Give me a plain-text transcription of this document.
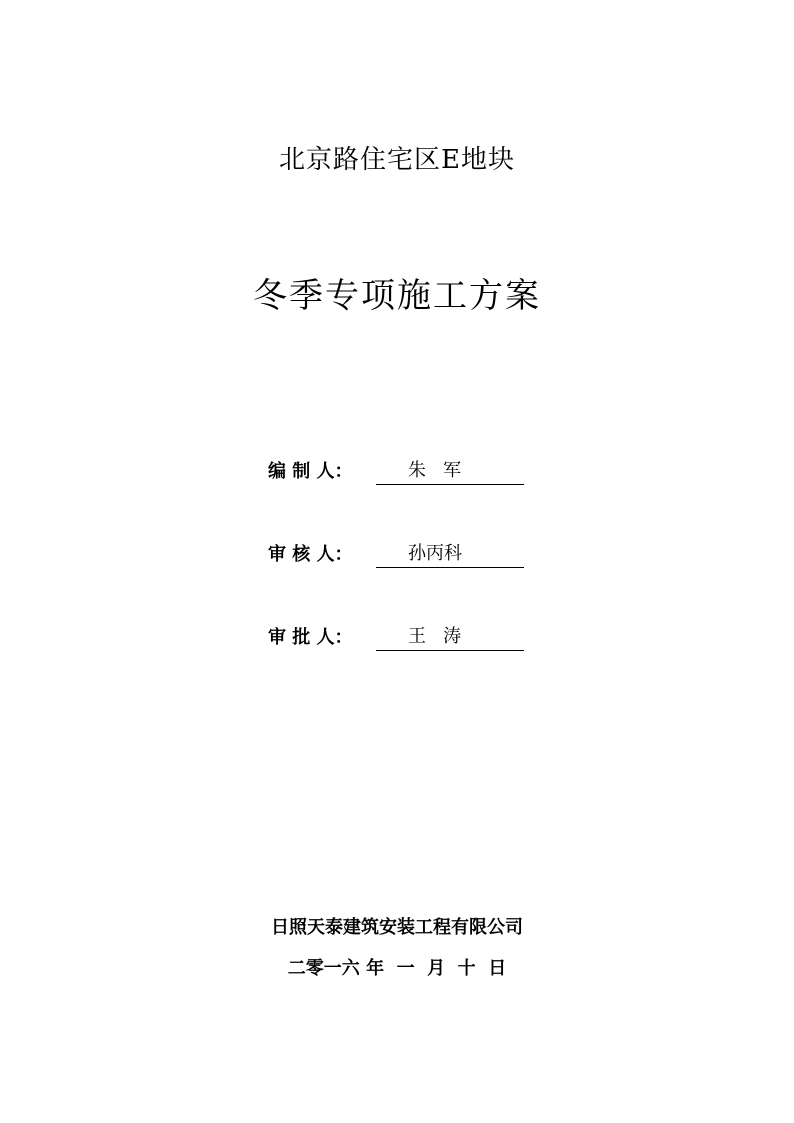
北京路住宅区E地块
冬季专项施工方案
编 制 人：	朱   军
审 核 人：	孙丙科
审 批 人：	王   涛
日照天泰建筑安装工程有限公司
二零一六 年  一  月  十  日
